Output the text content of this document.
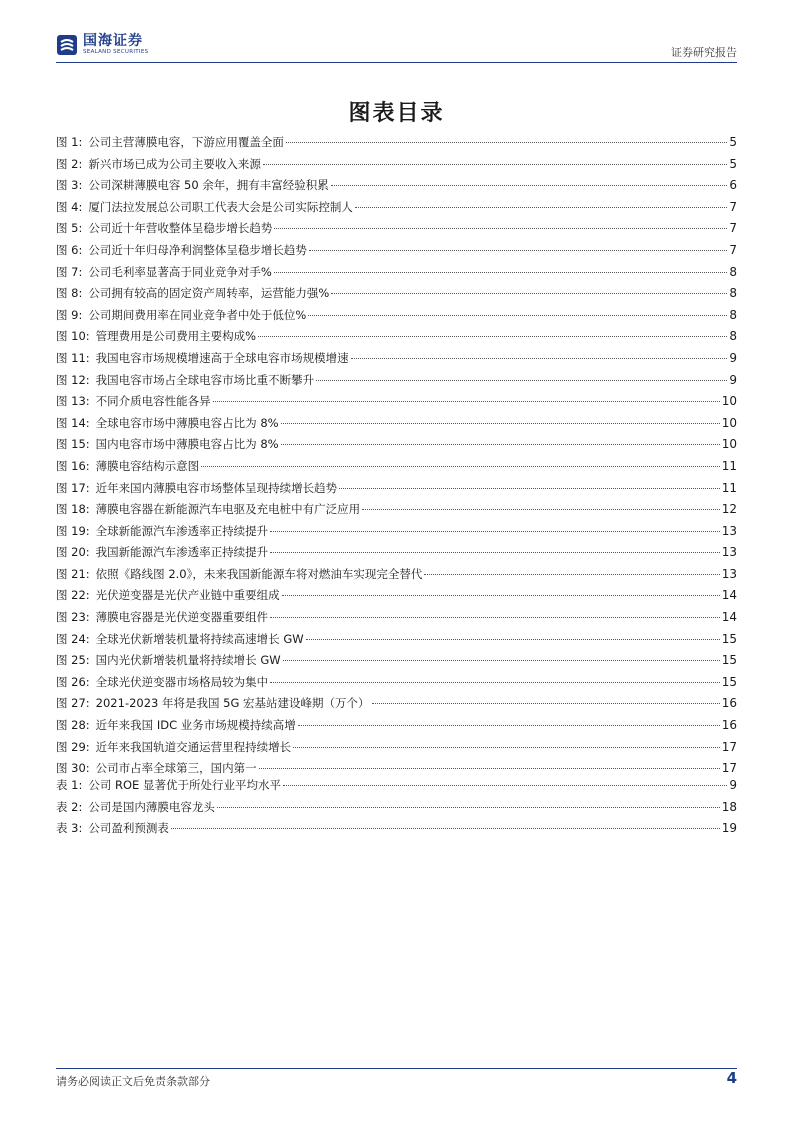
国海证券
SEALAND SECURITIES	证券研究报告
图表目录
图 1: 公司主营薄膜电容，下游应用覆盖全面	5
图 2: 新兴市场已成为公司主要收入来源	5
图 3: 公司深耕薄膜电容 50 余年，拥有丰富经验积累	6
图 4: 厦门法拉发展总公司职工代表大会是公司实际控制人	7
图 5: 公司近十年营收整体呈稳步增长趋势	7
图 6: 公司近十年归母净利润整体呈稳步增长趋势	7
图 7: 公司毛利率显著高于同业竞争对手%	8
图 8: 公司拥有较高的固定资产周转率，运营能力强%	8
图 9: 公司期间费用率在同业竞争者中处于低位%	8
图 10: 管理费用是公司费用主要构成%	8
图 11: 我国电容市场规模增速高于全球电容市场规模增速	9
图 12: 我国电容市场占全球电容市场比重不断攀升	9
图 13: 不同介质电容性能各异	10
图 14: 全球电容市场中薄膜电容占比为 8%	10
图 15: 国内电容市场中薄膜电容占比为 8%	10
图 16: 薄膜电容结构示意图	11
图 17: 近年来国内薄膜电容市场整体呈现持续增长趋势	11
图 18: 薄膜电容器在新能源汽车电驱及充电桩中有广泛应用	12
图 19: 全球新能源汽车渗透率正持续提升	13
图 20: 我国新能源汽车渗透率正持续提升	13
图 21: 依照《路线图 2.0》，未来我国新能源车将对燃油车实现完全替代	13
图 22: 光伏逆变器是光伏产业链中重要组成	14
图 23: 薄膜电容器是光伏逆变器重要组件	14
图 24: 全球光伏新增装机量将持续高速增长 GW	15
图 25: 国内光伏新增装机量将持续增长 GW	15
图 26: 全球光伏逆变器市场格局较为集中	15
图 27: 2021-2023 年将是我国 5G 宏基站建设峰期（万个）	16
图 28: 近年来我国 IDC 业务市场规模持续高增	16
图 29: 近年来我国轨道交通运营里程持续增长	17
图 30: 公司市占率全球第三，国内第一	17
表 1: 公司 ROE 显著优于所处行业平均水平	9
表 2: 公司是国内薄膜电容龙头	18
表 3: 公司盈利预测表	19
请务必阅读正文后免责条款部分	4
